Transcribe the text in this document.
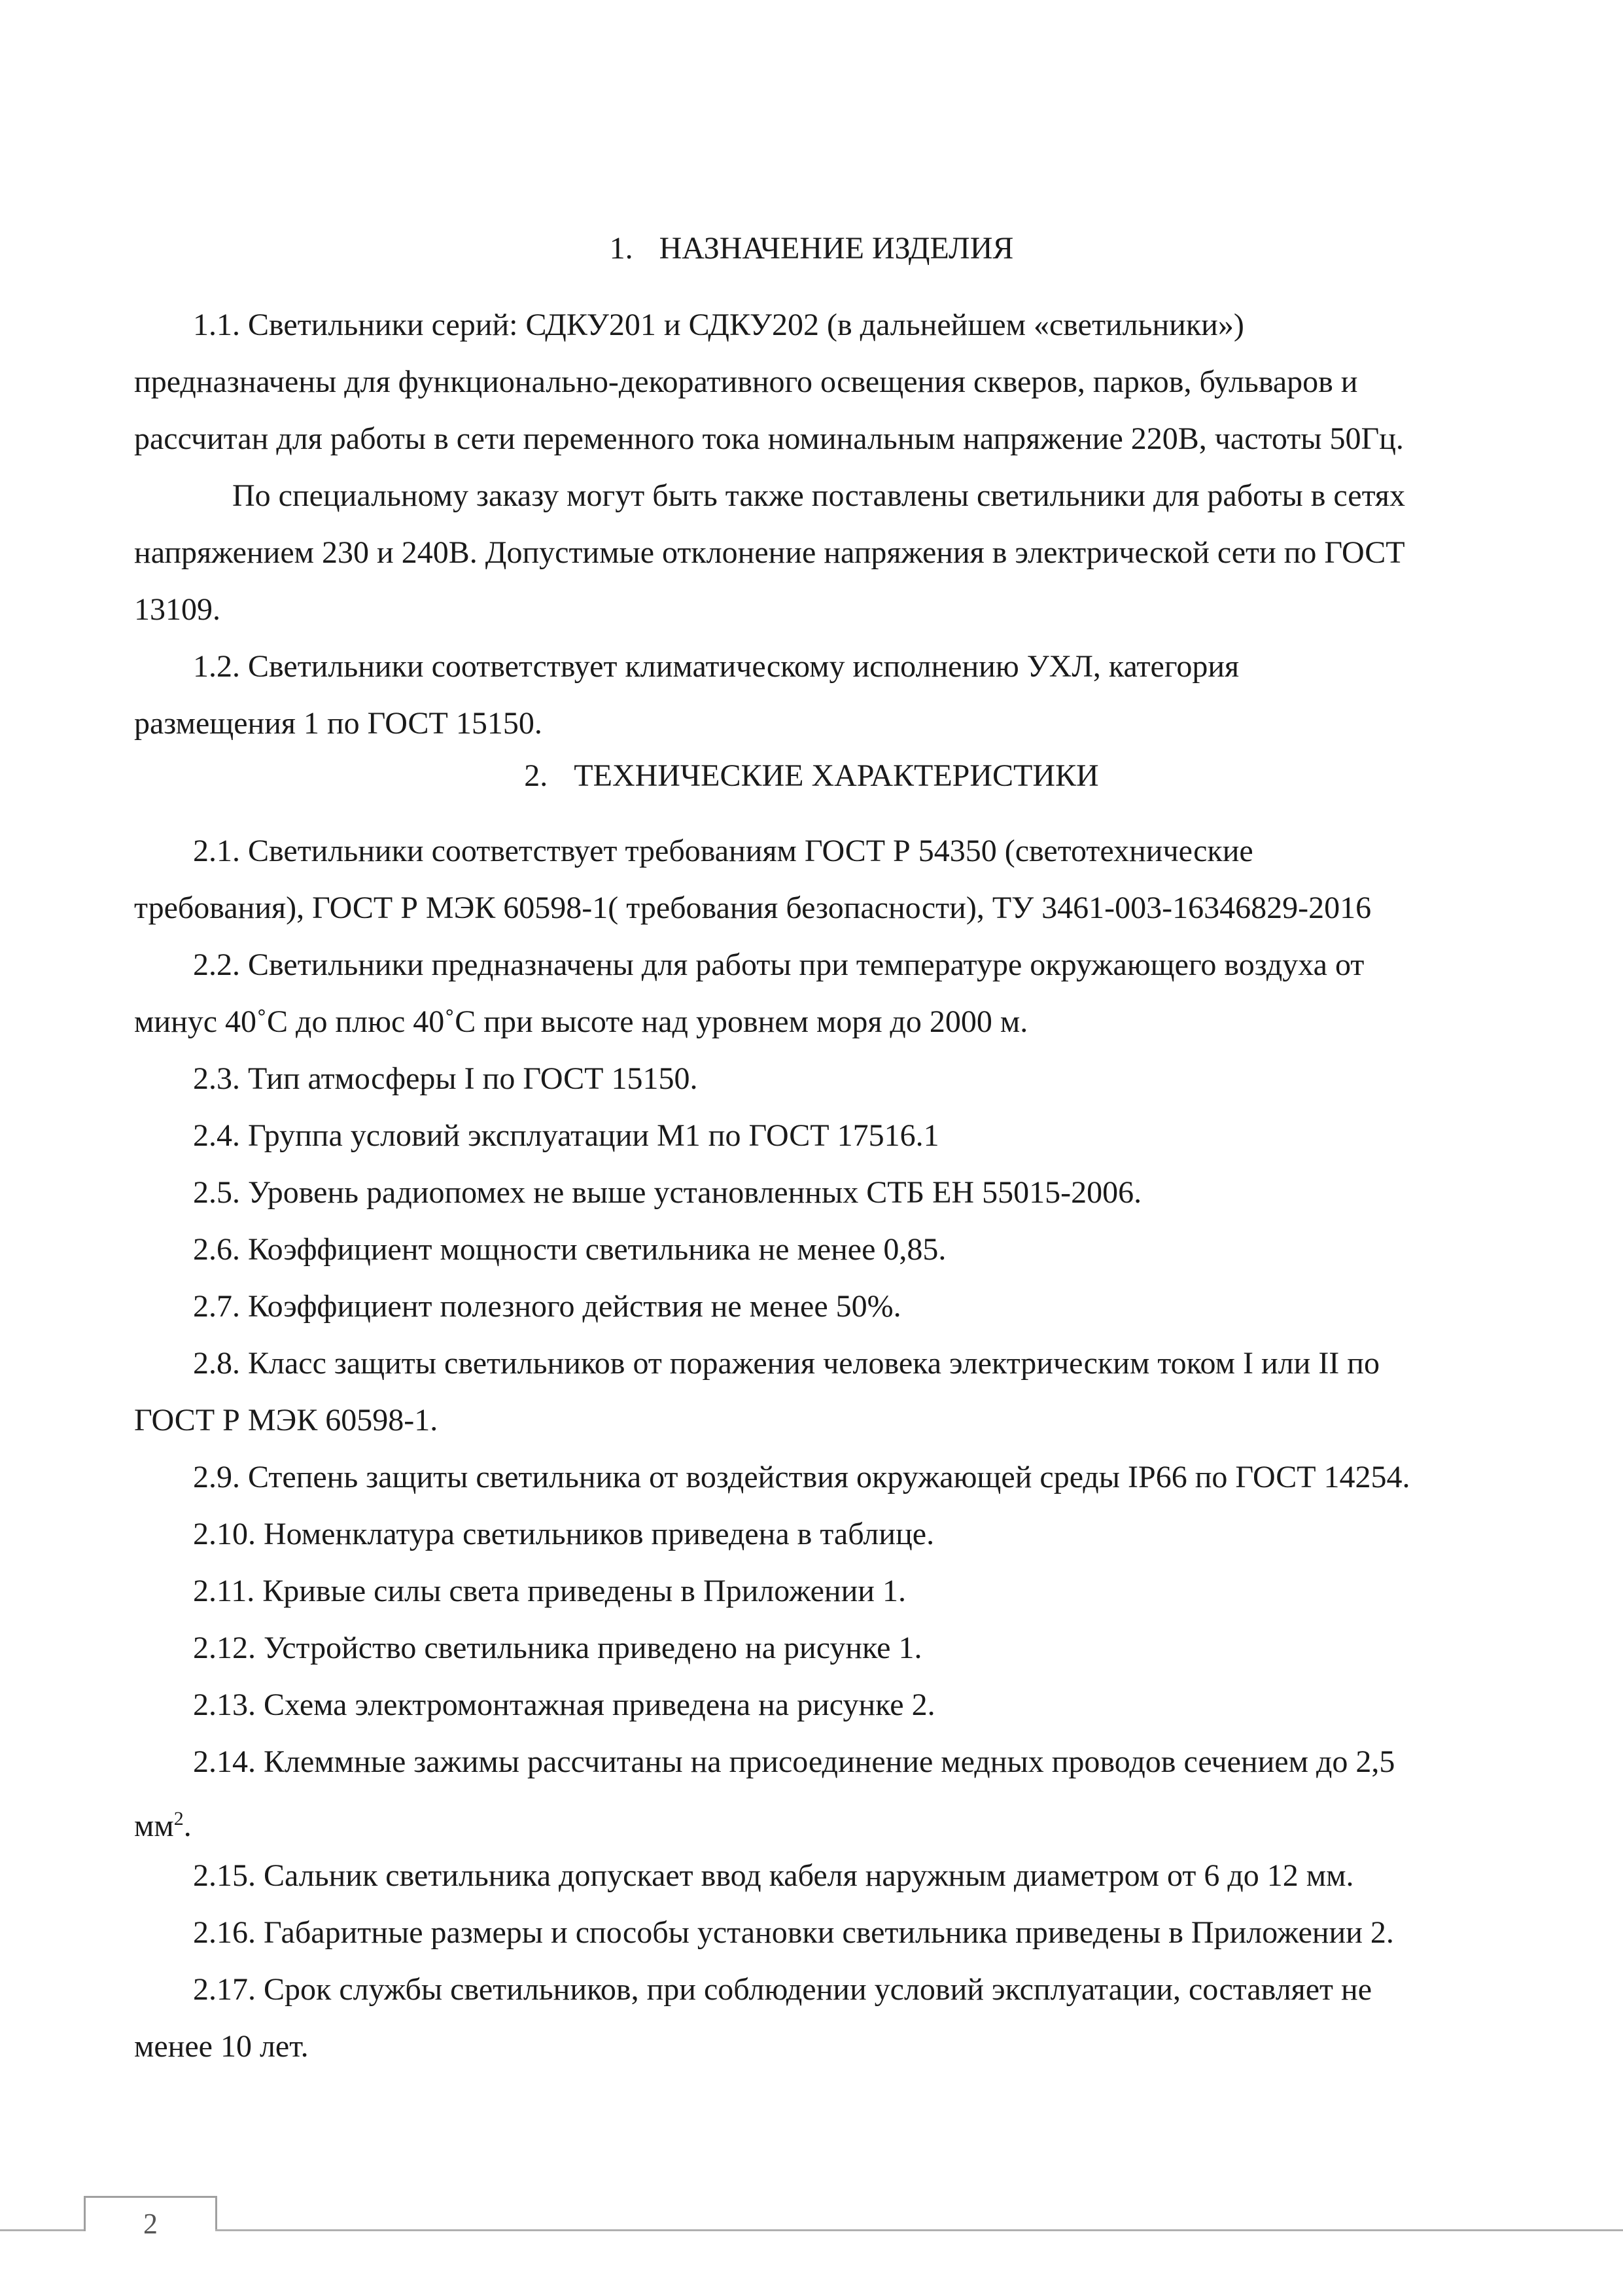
1. НАЗНАЧЕНИЕ ИЗДЕЛИЯ

1.1. Светильники серий: СДКУ201 и СДКУ202 (в дальнейшем «светильники»)
предназначены для функционально-декоративного освещения скверов, парков, бульваров и
рассчитан для работы в сети переменного тока номинальным напряжение 220В, частоты 50Гц.

По специальному заказу могут быть также поставлены светильники для работы в сетях
напряжением 230 и 240В. Допустимые отклонение напряжения в электрической сети по ГОСТ
13109.

1.2. Светильники соответствует климатическому исполнению УХЛ, категория
размещения 1 по ГОСТ 15150.

2. ТЕХНИЧЕСКИЕ ХАРАКТЕРИСТИКИ

2.1. Светильники соответствует требованиям ГОСТ Р 54350 (светотехнические
требования), ГОСТ Р МЭК 60598-1( требования безопасности), ТУ 3461-003-16346829-2016

2.2. Светильники предназначены для работы при температуре окружающего воздуха от
минус 40˚С до плюс 40˚С при высоте над уровнем моря до 2000 м.

2.3. Тип атмосферы I по ГОСТ 15150.

2.4. Группа условий эксплуатации М1 по ГОСТ 17516.1

2.5. Уровень радиопомех не выше установленных СТБ ЕН 55015-2006.

2.6. Коэффициент мощности светильника не менее 0,85.

2.7. Коэффициент полезного действия не менее 50%.

2.8. Класс защиты светильников от поражения человека электрическим током I или II по
ГОСТ Р МЭК 60598-1.

2.9. Степень защиты светильника от воздействия окружающей среды IP66 по ГОСТ 14254.

2.10. Номенклатура светильников приведена в таблице.

2.11. Кривые силы света приведены в Приложении 1.

2.12. Устройство светильника приведено на рисунке 1.

2.13. Схема электромонтажная приведена на рисунке 2.

2.14. Клеммные зажимы рассчитаны на присоединение медных проводов сечением до 2,5
$мм^2$.

2.15. Сальник светильника допускает ввод кабеля наружным диаметром от 6 до 12 мм.

2.16. Габаритные размеры и способы установки светильника приведены в Приложении 2.

2.17. Срок службы светильников, при соблюдении условий эксплуатации, составляет не
менее 10 лет.

2
